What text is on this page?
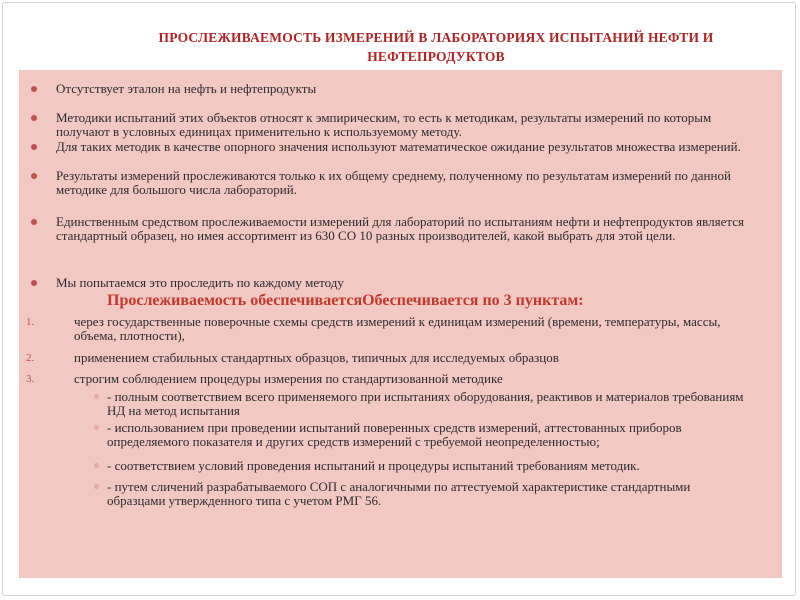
ПРОСЛЕЖИВАЕМОСТЬ ИЗМЕРЕНИЙ В ЛАБОРАТОРИЯХ ИСПЫТАНИЙ НЕФТИ И НЕФТЕПРОДУКТОВ
Отсутствует эталон на нефть и нефтепродукты
Методики испытаний этих объектов относят к эмпирическим, то есть к методикам, результаты измерений по которым получают в условных единицах применительно к используемому методу.
Для таких методик в качестве опорного значения используют математическое ожидание результатов множества измерений.
Результаты измерений прослеживаются только к их общему среднему, полученному по результатам измерений по данной методике для большого числа лабораторий.
Единственным средством прослеживаемости измерений для лабораторий по испытаниям нефти и нефтепродуктов является стандартный образец, но имея ассортимент из 630 СО 10 разных производителей, какой выбрать для этой цели.
Мы попытаемся это проследить по каждому методу
Прослеживаемость обеспечиваетсяОбеспечивается по 3 пунктам:
1.	через государственные поверочные схемы средств измерений к единицам измерений (времени, температуры, массы, объема, плотности),
2.	применением стабильных стандартных образцов, типичных для исследуемых образцов
3.	строгим соблюдением процедуры измерения по стандартизованной методике
- полным соответствием всего применяемого при испытаниях оборудования, реактивов и материалов требованиям НД на метод испытания
- использованием при проведении испытаний поверенных средств измерений, аттестованных приборов определяемого показателя и других средств измерений с требуемой неопределенностью;
- соответствием условий проведения испытаний и процедуры испытаний требованиям методик.
- путем сличений разрабатываемого СОП с аналогичными по аттестуемой характеристике стандартными образцами утвержденного типа с учетом РМГ 56.
